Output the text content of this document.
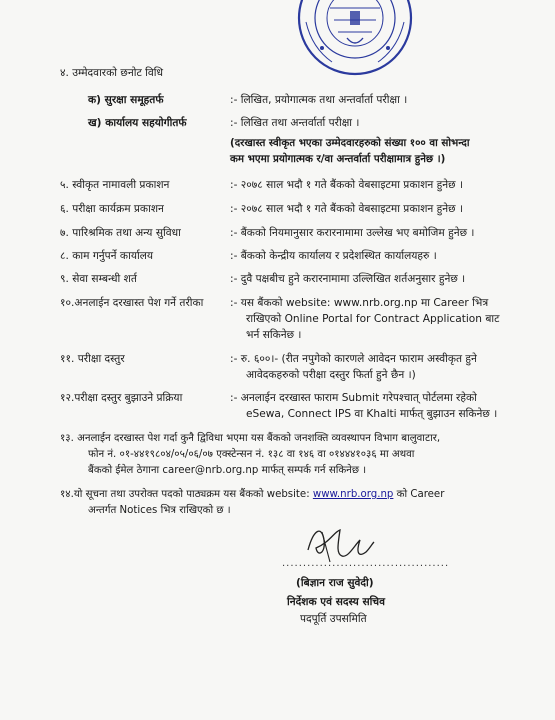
४. उम्मेदवारको छनोट विधि
क) सुरक्षा समूहतर्फ	:- लिखित, प्रयोगात्मक तथा अन्तर्वार्ता परीक्षा ।
ख) कार्यालय सहयोगीतर्फ	:- लिखित तथा अन्तर्वार्ता परीक्षा ।
(दरखास्त स्वीकृत भएका उम्मेदवारहरुको संख्या १०० वा सोभन्दा
कम भएमा प्रयोगात्मक र/वा अन्तर्वार्ता परीक्षामात्र हुनेछ ।)
५. स्वीकृत नामावली प्रकाशन	:- २०७८ साल भदौ १ गते बैंकको वेबसाइटमा प्रकाशन हुनेछ ।
६. परीक्षा कार्यक्रम प्रकाशन	:- २०७८ साल भदौ १ गते बैंकको वेबसाइटमा प्रकाशन हुनेछ ।
७. पारिश्रमिक तथा अन्य सुविधा	:- बैंकको नियमानुसार करारनामामा उल्लेख भए बमोजिम हुनेछ ।
८. काम गर्नुपर्ने कार्यालय	:- बैंकको केन्द्रीय कार्यालय र प्रदेशस्थित कार्यालयहरु ।
९. सेवा सम्बन्धी शर्त	:- दुवै पक्षबीच हुने करारनामामा उल्लिखित शर्तअनुसार हुनेछ ।
१०.अनलाईन दरखास्त पेश गर्ने तरीका	:- यस बैंकको website: www.nrb.org.np मा Career भित्र
राखिएको Online Portal for Contract Application बाट
भर्न सकिनेछ ।
११. परीक्षा दस्तुर	:- रु. ६००।- (रीत नपुगेको कारणले आवेदन फाराम अस्वीकृत हुने
आवेदकहरुको परीक्षा दस्तुर फिर्ता हुने छैन ।)
१२.परीक्षा दस्तुर बुझाउने प्रक्रिया	:- अनलाईन दरखास्त फाराम Submit गरेपश्चात् पोर्टलमा रहेको
eSewa, Connect IPS वा Khalti मार्फत् बुझाउन सकिनेछ ।
१३. अनलाईन दरखास्त पेश गर्दा कुनै द्विविधा भएमा यस बैंकको जनशक्ति व्यवस्थापन विभाग बालुवाटार,
फोन नं. ०१-४४१९८०४/०५/०६/०७ एक्स्टेन्सन नं. १३८ वा १४६ वा ०१४४४१०३६ मा अथवा
बैंकको ईमेल ठेगाना career@nrb.org.np मार्फत् सम्पर्क गर्न सकिनेछ ।
१४.यो सूचना तथा उपरोक्त पदको पाठ्यक्रम यस बैंकको website: www.nrb.org.np को Career
अन्तर्गत Notices भित्र राखिएको छ ।
........................................
(बिज्ञान राज सुवेदी)
निर्देशक एवं सदस्य सचिव
पदपूर्ति उपसमिति
